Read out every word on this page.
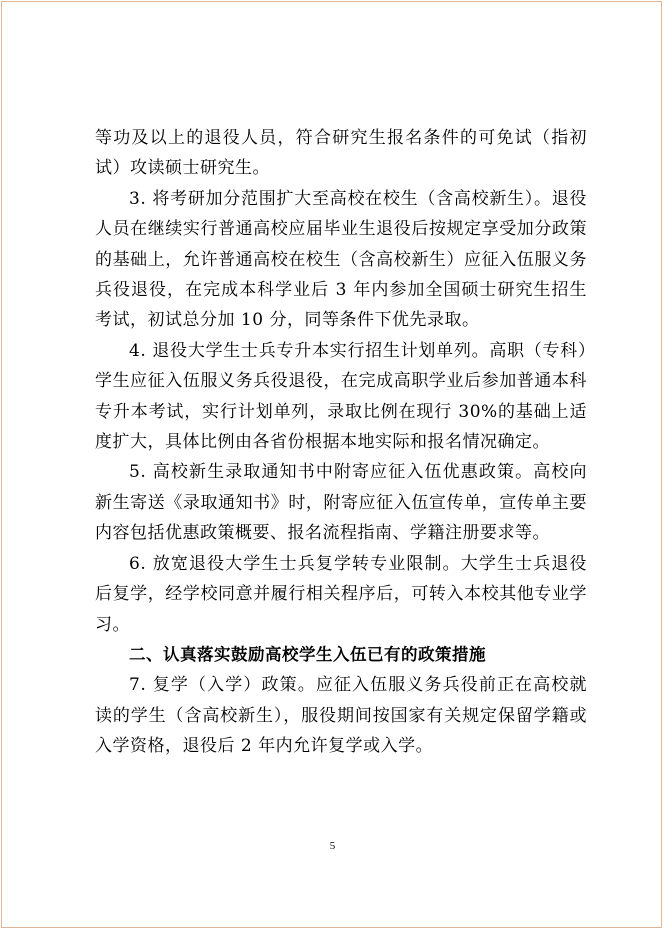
等功及以上的退役人员，符合研究生报名条件的可免试（指初试）攻读硕士研究生。

3. 将考研加分范围扩大至高校在校生（含高校新生）。退役人员在继续实行普通高校应届毕业生退役后按规定享受加分政策的基础上，允许普通高校在校生（含高校新生）应征入伍服义务兵役退役，在完成本科学业后 3 年内参加全国硕士研究生招生考试，初试总分加 10 分，同等条件下优先录取。

4. 退役大学生士兵专升本实行招生计划单列。高职（专科）学生应征入伍服义务兵役退役，在完成高职学业后参加普通本科专升本考试，实行计划单列，录取比例在现行 30%的基础上适度扩大，具体比例由各省份根据本地实际和报名情况确定。

5. 高校新生录取通知书中附寄应征入伍优惠政策。高校向新生寄送《录取通知书》时，附寄应征入伍宣传单，宣传单主要内容包括优惠政策概要、报名流程指南、学籍注册要求等。

6. 放宽退役大学生士兵复学转专业限制。大学生士兵退役后复学，经学校同意并履行相关程序后，可转入本校其他专业学习。

二、认真落实鼓励高校学生入伍已有的政策措施

7. 复学（入学）政策。应征入伍服义务兵役前正在高校就读的学生（含高校新生），服役期间按国家有关规定保留学籍或入学资格，退役后 2 年内允许复学或入学。

5
